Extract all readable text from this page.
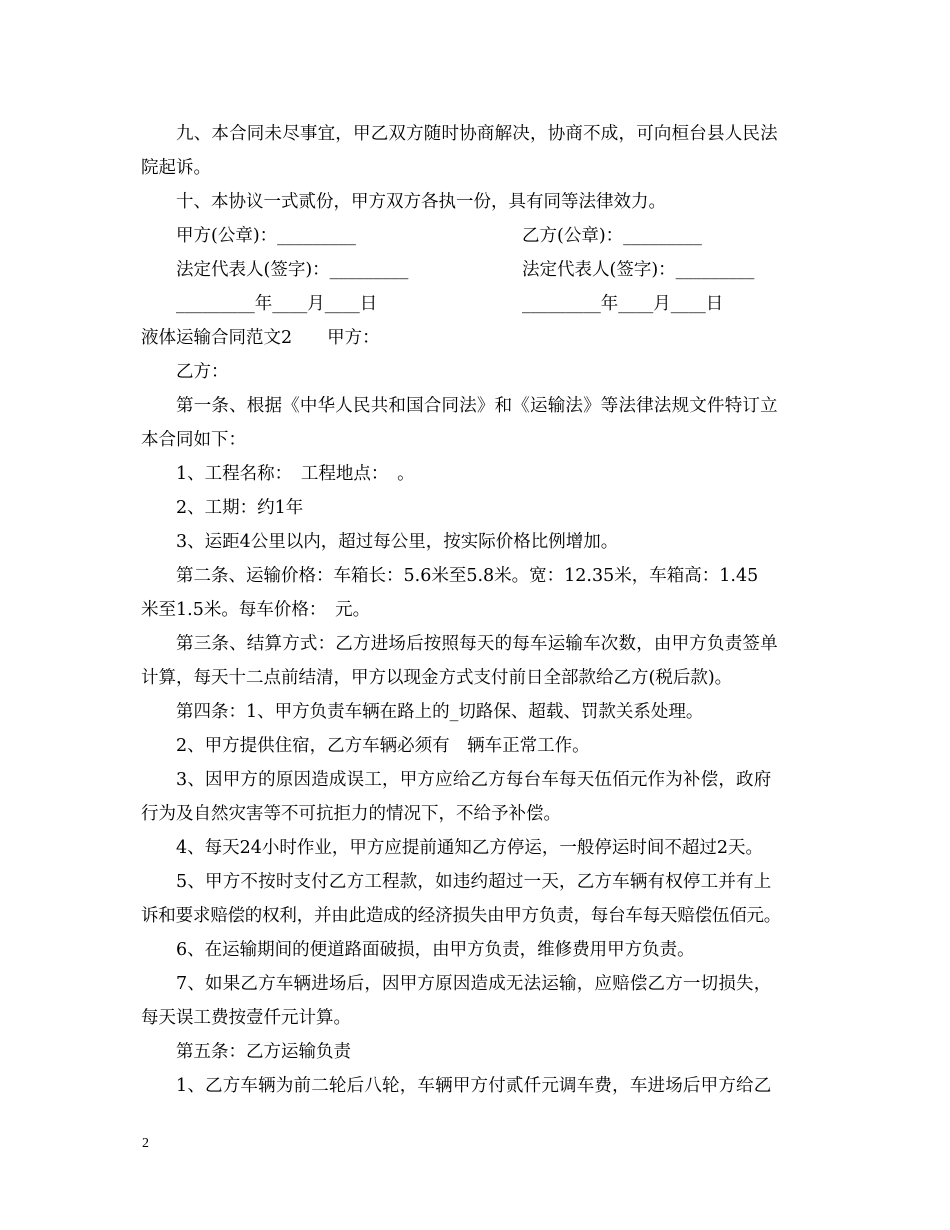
九、本合同未尽事宜，甲乙双方随时协商解决，协商不成，可向桓台县人民法
院起诉。
十、本协议一式贰份，甲方双方各执一份，具有同等法律效力。
甲方(公章)：_________	乙方(公章)：_________
法定代表人(签字)：_________	法定代表人(签字)：_________
_________年____月____日	_________年____月____日
液体运输合同范文2　　甲方：
乙方：
第一条、根据《中华人民共和国合同法》和《运输法》等法律法规文件特订立
本合同如下：
1、工程名称：　工程地点：　。
2、工期：约1年
3、运距4公里以内，超过每公里，按实际价格比例增加。
第二条、运输价格：车箱长：5.6米至5.8米。宽：12.35米，车箱高：1.45
米至1.5米。每车价格：　元。
第三条、结算方式：乙方进场后按照每天的每车运输车次数，由甲方负责签单
计算，每天十二点前结清，甲方以现金方式支付前日全部款给乙方(税后款)。
第四条：1、甲方负责车辆在路上的_切路保、超载、罚款关系处理。
2、甲方提供住宿，乙方车辆必须有　辆车正常工作。
3、因甲方的原因造成误工，甲方应给乙方每台车每天伍佰元作为补偿，政府
行为及自然灾害等不可抗拒力的情况下，不给予补偿。
4、每天24小时作业，甲方应提前通知乙方停运，一般停运时间不超过2天。
5、甲方不按时支付乙方工程款，如违约超过一天，乙方车辆有权停工并有上
诉和要求赔偿的权利，并由此造成的经济损失由甲方负责，每台车每天赔偿伍佰元。
6、在运输期间的便道路面破损，由甲方负责，维修费用甲方负责。
7、如果乙方车辆进场后，因甲方原因造成无法运输，应赔偿乙方一切损失，
每天误工费按壹仟元计算。
第五条：乙方运输负责
1、乙方车辆为前二轮后八轮，车辆甲方付贰仟元调车费，车进场后甲方给乙
2
